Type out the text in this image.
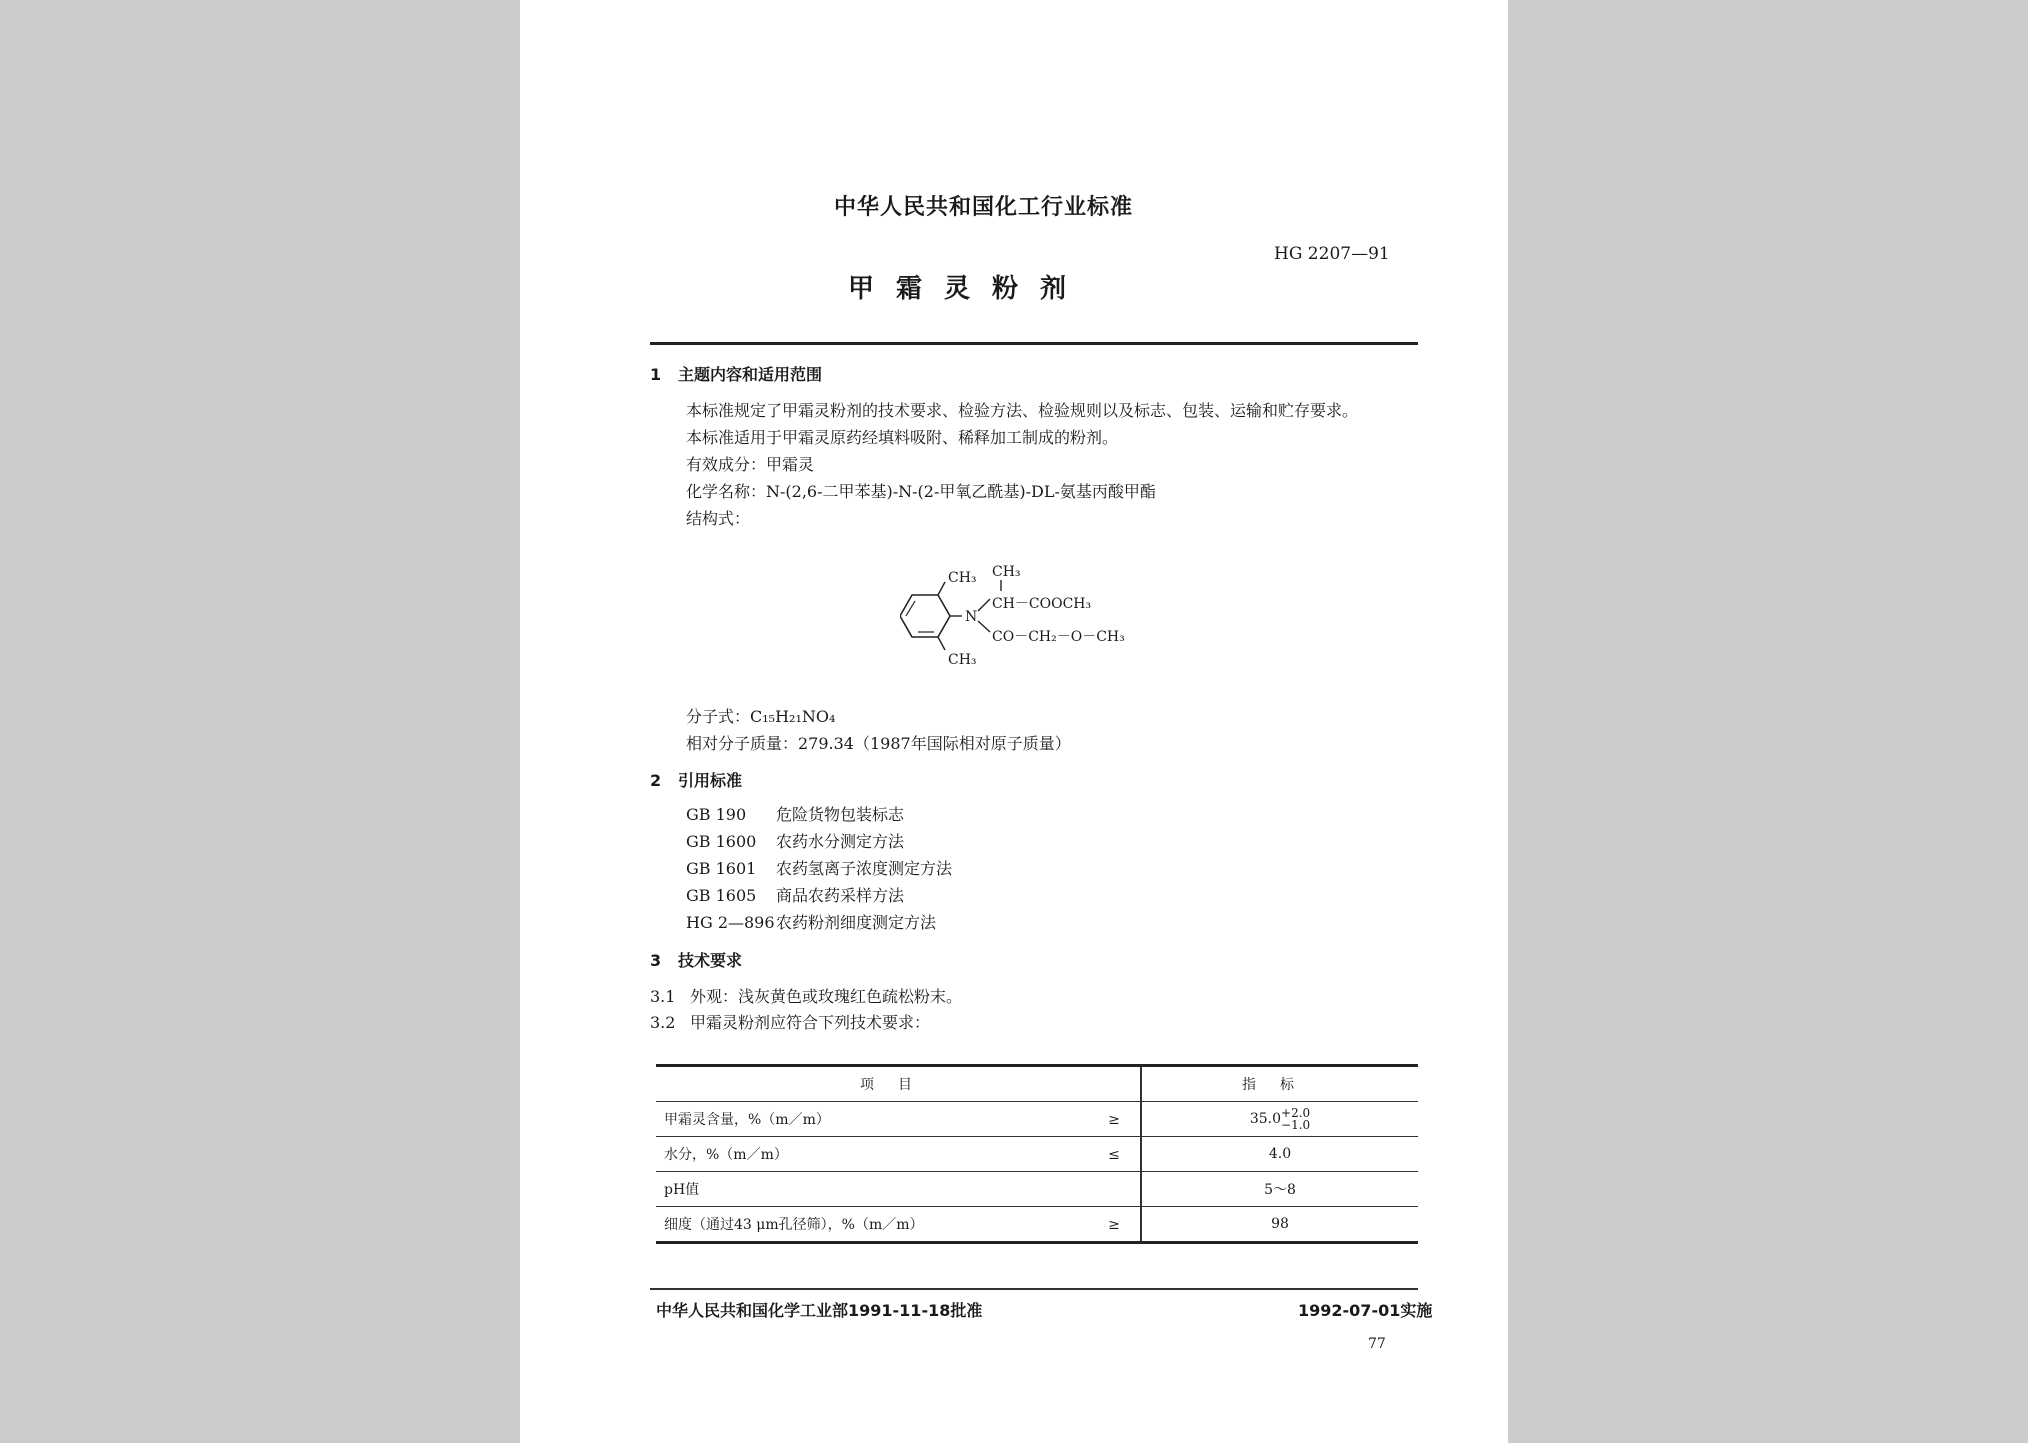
中华人民共和国化工行业标准
HG 2207—91
甲霜灵粉剂
1 主题内容和适用范围
本标准规定了甲霜灵粉剂的技术要求、检验方法、检验规则以及标志、包装、运输和贮存要求。
本标准适用于甲霜灵原药经填料吸附、稀释加工制成的粉剂。
有效成分：甲霜灵
化学名称：N-(2,6-二甲苯基)-N-(2-甲氧乙酰基)-DL-氨基丙酸甲酯
结构式：
CH₃
CH₃
N
CH₃
CH－COOCH₃
CO－CH₂－O－CH₃
分子式：C₁₅H₂₁NO₄
相对分子质量：279.34（1987年国际相对原子质量）
2 引用标准
GB 190 危险货物包装标志
GB 1600 农药水分测定方法
GB 1601 农药氢离子浓度测定方法
GB 1605 商品农药采样方法
HG 2—896农药粉剂细度测定方法
3 技术要求
3.1 外观：浅灰黄色或玫瑰红色疏松粉末。
3.2 甲霜灵粉剂应符合下列技术要求：
项目	指标
甲霜灵含量，%（m／m） ≥	35.0+2.0
−1.0
水分，%（m／m） ≤	4.0
pH值	5～8
细度（通过43 μm孔径筛），%（m／m） ≥	98
中华人民共和国化学工业部1991-11-18批准	1992-07-01实施
77
